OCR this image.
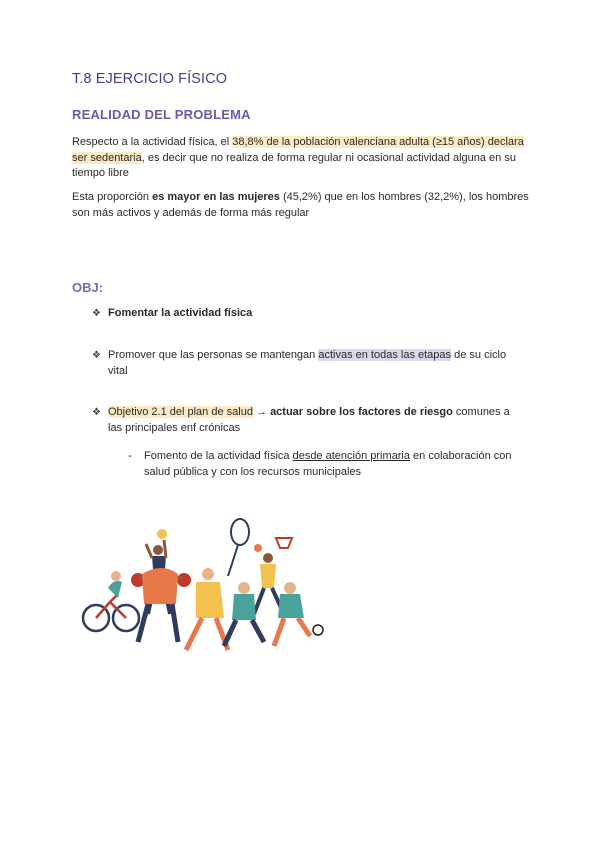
T.8 EJERCICIO FÍSICO
REALIDAD DEL PROBLEMA
Respecto a la actividad física, el 38,8% de la población valenciana adulta (≥15 años) declara ser sedentaria, es decir que no realiza de forma regular ni ocasional actividad alguna en su tiempo libre
Esta proporción es mayor en las mujeres (45,2%) que en los hombres (32,2%), los hombres son más activos y además de forma más regular
OBJ:
❖ Fomentar la actividad física
❖ Promover que las personas se mantengan activas en todas las etapas de su ciclo vital
❖ Objetivo 2.1 del plan de salud → actuar sobre los factores de riesgo comunes a las principales enf crónicas
- Fomento de la actividad física desde atención primaria en colaboración con salud pública y con los recursos municipales
